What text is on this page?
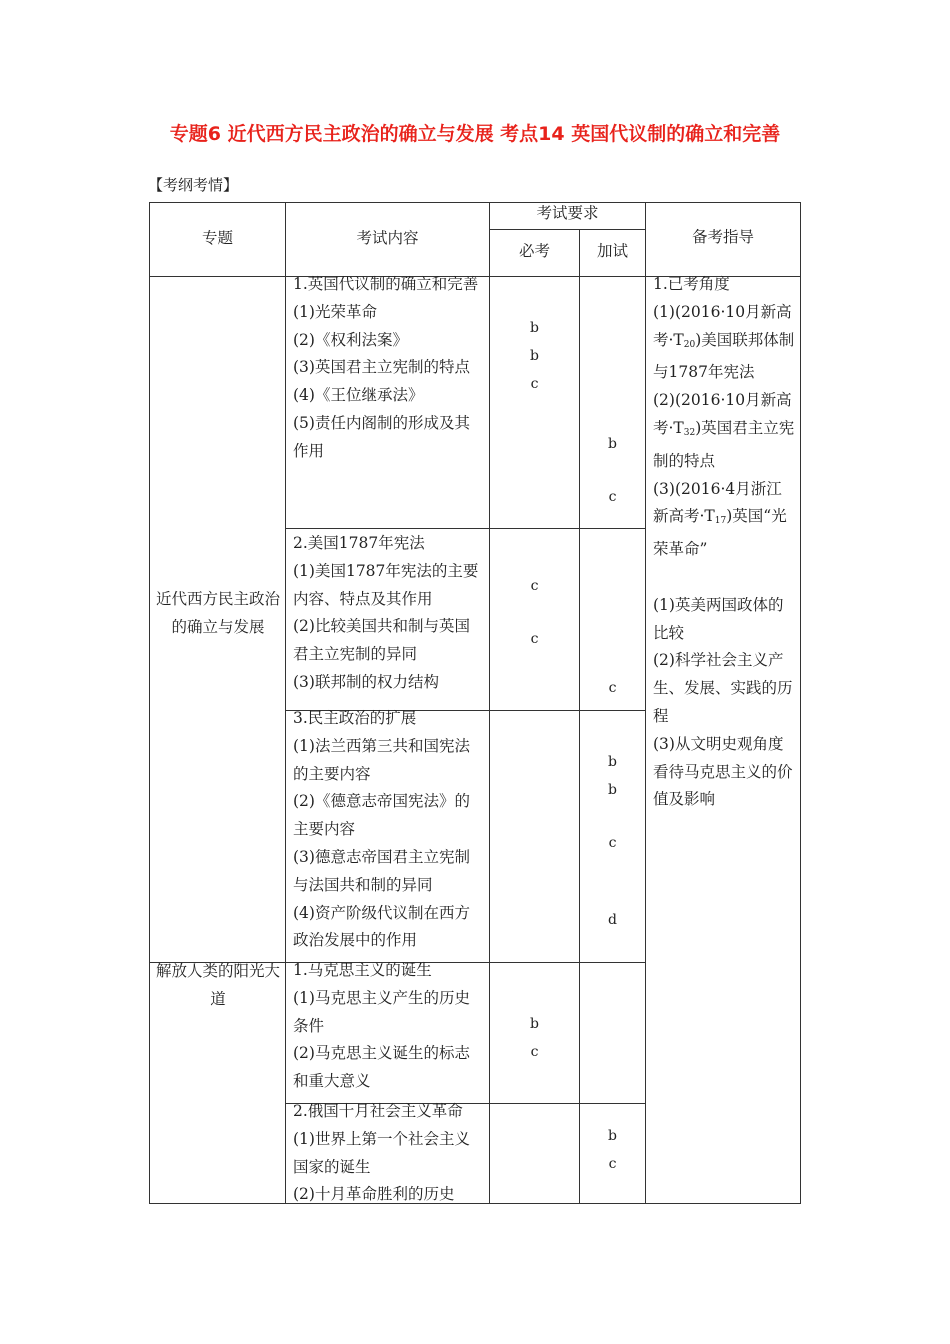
专题6 近代西方民主政治的确立与发展 考点14 英国代议制的确立和完善
【考纲考情】
专题	考试内容
考试要求
必考	加试
备考指导
近代西方民主政治的确立与发展
解放人类的阳光大道
1.英国代议制的确立和完善
(1)光荣革命
(2)《权利法案》
(3)英国君主立宪制的特点
(4)《王位继承法》
(5)责任内阁制的形成及其作用
2.美国1787年宪法
(1)美国1787年宪法的主要内容、特点及其作用
(2)比较美国共和制与英国君主立宪制的异同
(3)联邦制的权力结构
3.民主政治的扩展
(1)法兰西第三共和国宪法的主要内容
(2)《德意志帝国宪法》的主要内容
(3)德意志帝国君主立宪制与法国共和制的异同
(4)资产阶级代议制在西方政治发展中的作用
1.马克思主义的诞生
(1)马克思主义产生的历史条件
(2)马克思主义诞生的标志和重大意义
2.俄国十月社会主义革命
(1)世界上第一个社会主义国家的诞生
(2)十月革命胜利的历史
b
b
c
c
c
b
c
b
c
c
b
b
c
d
b
c
1.已考角度
(1)(2016·10月新高考$\cdot T_{20}$)美国联邦体制与1787年宪法
(2)(2016·10月新高考$\cdot T_{32}$)英国君主立宪制的特点
(3)(2016·4月浙江新高考$\cdot T_{17}$)英国“光荣革命”
(1)英美两国政体的比较
(2)科学社会主义产生、发展、实践的历程
(3)从文明史观角度看待马克思主义的价值及影响
